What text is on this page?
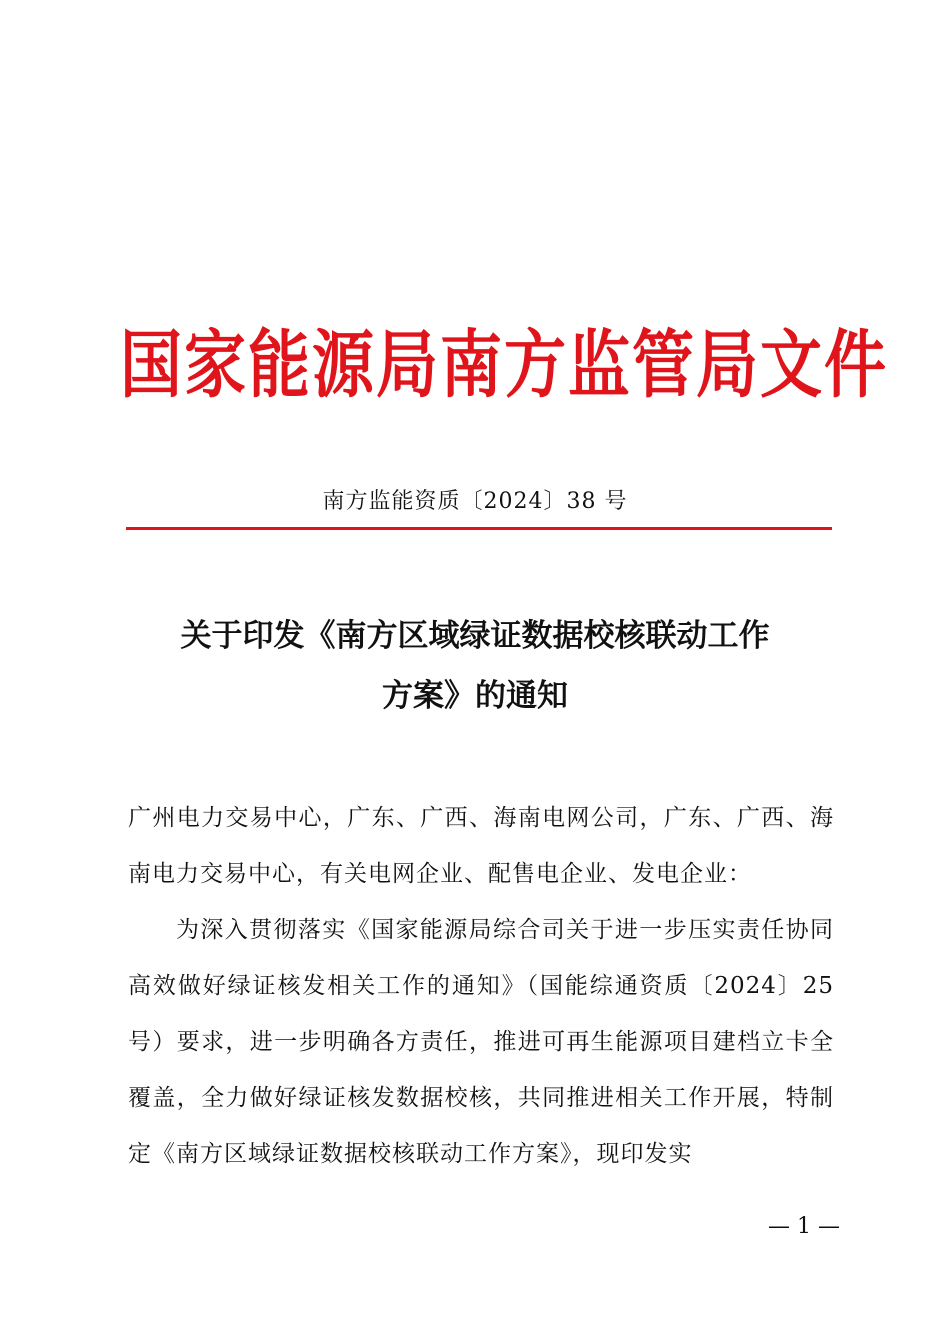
国家能源局南方监管局文件
南方监能资质〔2024〕38 号
关于印发《南方区域绿证数据校核联动工作
方案》的通知
广州电力交易中心，广东、广西、海南电网公司，广东、广西、海南电力交易中心，有关电网企业、配售电企业、发电企业：
为深入贯彻落实《国家能源局综合司关于进一步压实责任协同高效做好绿证核发相关工作的通知》（国能综通资质〔2024〕25 号）要求，进一步明确各方责任，推进可再生能源项目建档立卡全覆盖，全力做好绿证核发数据校核，共同推进相关工作开展，特制定《南方区域绿证数据校核联动工作方案》，现印发实
— 1 —
